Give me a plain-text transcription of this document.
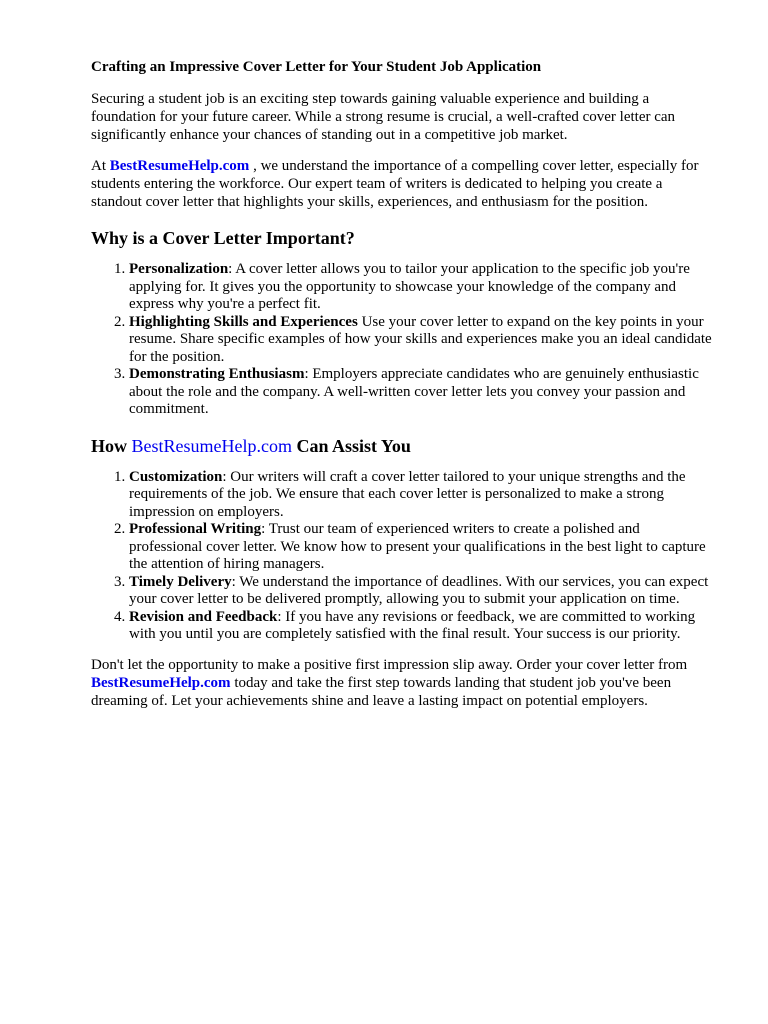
Crafting an Impressive Cover Letter for Your Student Job Application

Securing a student job is an exciting step towards gaining valuable experience and building a foundation for your future career. While a strong resume is crucial, a well-crafted cover letter can significantly enhance your chances of standing out in a competitive job market.

At BestResumeHelp.com , we understand the importance of a compelling cover letter, especially for students entering the workforce. Our expert team of writers is dedicated to helping you create a standout cover letter that highlights your skills, experiences, and enthusiasm for the position.

Why is a Cover Letter Important?
1. Personalization: A cover letter allows you to tailor your application to the specific job you're applying for. It gives you the opportunity to showcase your knowledge of the company and express why you're a perfect fit.
2. Highlighting Skills and Experiences Use your cover letter to expand on the key points in your resume. Share specific examples of how your skills and experiences make you an ideal candidate for the position.
3. Demonstrating Enthusiasm: Employers appreciate candidates who are genuinely enthusiastic about the role and the company. A well-written cover letter lets you convey your passion and commitment.
How BestResumeHelp.com Can Assist You
1. Customization: Our writers will craft a cover letter tailored to your unique strengths and the requirements of the job. We ensure that each cover letter is personalized to make a strong impression on employers.
2. Professional Writing: Trust our team of experienced writers to create a polished and professional cover letter. We know how to present your qualifications in the best light to capture the attention of hiring managers.
3. Timely Delivery: We understand the importance of deadlines. With our services, you can expect your cover letter to be delivered promptly, allowing you to submit your application on time.
4. Revision and Feedback: If you have any revisions or feedback, we are committed to working with you until you are completely satisfied with the final result. Your success is our priority.

Don't let the opportunity to make a positive first impression slip away. Order your cover letter from BestResumeHelp.com today and take the first step towards landing that student job you've been dreaming of. Let your achievements shine and leave a lasting impact on potential employers.
